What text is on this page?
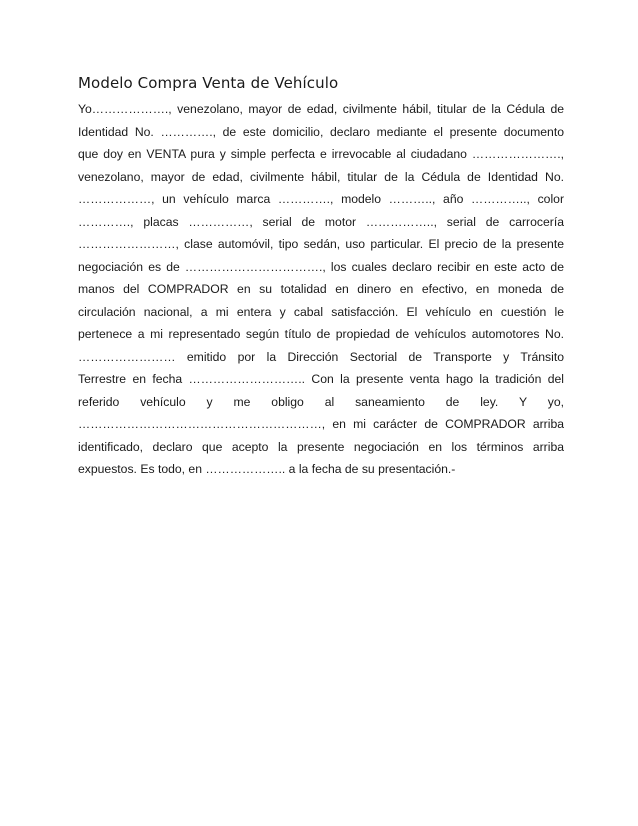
Modelo Compra Venta de Vehículo
Yo………………., venezolano, mayor de edad, civilmente hábil, titular de la Cédula de
Identidad No. …………., de este domicilio, declaro mediante el presente documento
que doy en VENTA pura y simple perfecta e irrevocable al ciudadano ………………….,
venezolano, mayor de edad, civilmente hábil, titular de la Cédula de Identidad No.
………………, un vehículo marca …………., modelo ……….., año ………….., color
…………., placas ……………, serial de motor …………….., serial de carrocería
……………………, clase automóvil, tipo sedán, uso particular. El precio de la presente
negociación es de ……………………………., los cuales declaro recibir en este acto de
manos del COMPRADOR en su totalidad en dinero en efectivo, en moneda de
circulación nacional, a mi entera y cabal satisfacción. El vehículo en cuestión le
pertenece a mi representado según título de propiedad de vehículos automotores No.
…………………… emitido por la Dirección Sectorial de Transporte y Tránsito
Terrestre en fecha ……………………….. Con la presente venta hago la tradición del
referido vehículo y me obligo al saneamiento de ley. Y yo,
……………………………………………………, en mi carácter de COMPRADOR arriba
identificado, declaro que acepto la presente negociación en los términos arriba
expuestos. Es todo, en ……………….. a la fecha de su presentación.-
